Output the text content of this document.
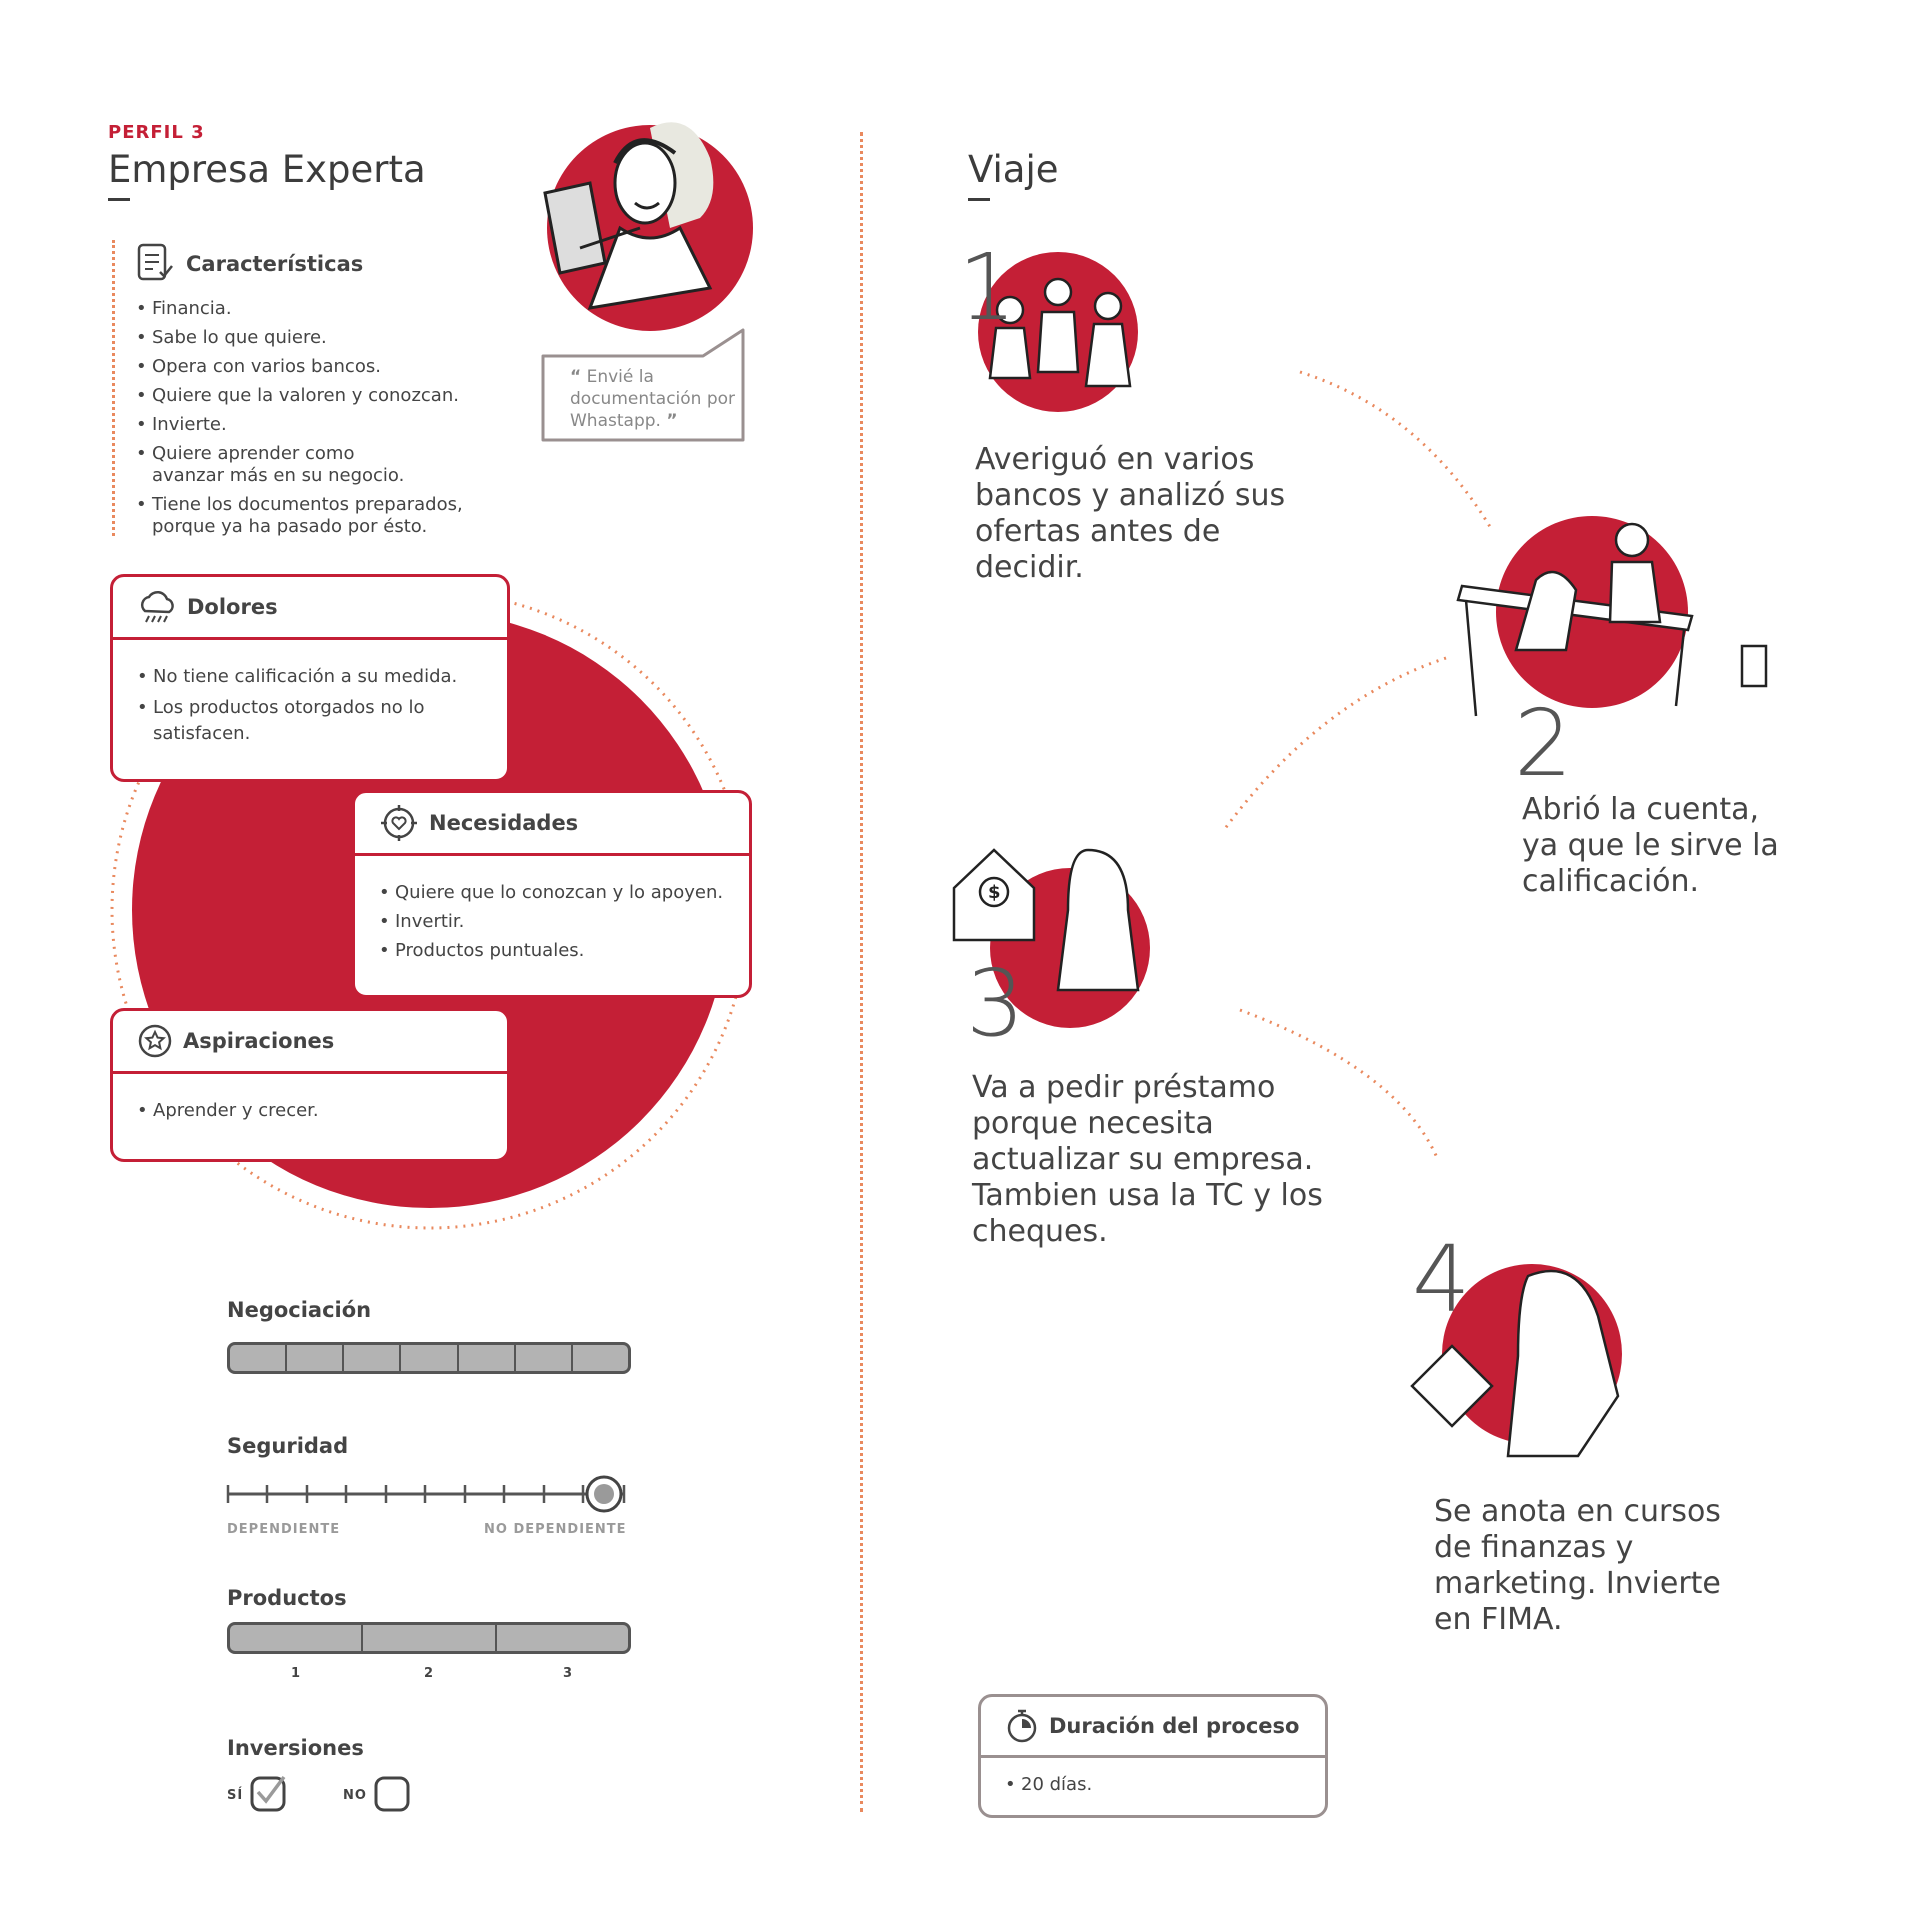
PERFIL 3
Empresa Experta
“ Envié la documentación por Whastapp. ”
Características
• Financia.
• Sabe lo que quiere.
• Opera con varios bancos.
• Quiere que la valoren y conozcan.
• Invierte.
• Quiere aprender como avanzar más en su negocio.
• Tiene los documentos preparados, porque ya ha pasado por ésto.
Dolores
• No tiene calificación a su medida.
• Los productos otorgados no lo satisfacen.
Necesidades
• Quiere que lo conozcan y lo apoyen.
• Invertir.
• Productos puntuales.
Aspiraciones
• Aprender y crecer.
Negociación
Seguridad
DEPENDIENTE	NO DEPENDIENTE
Productos
1	2	3
Inversiones
SÍ	NO
Viaje
1
Averiguó en varios bancos y analizó sus ofertas antes de decidir.
2
Abrió la cuenta, ya que le sirve la calificación.
$
3
Va a pedir préstamo porque necesita actualizar su empresa. Tambien usa la TC y los cheques.	4
Se anota en cursos de finanzas y marketing. Invierte en FIMA.
Duración del proceso
• 20 días.
